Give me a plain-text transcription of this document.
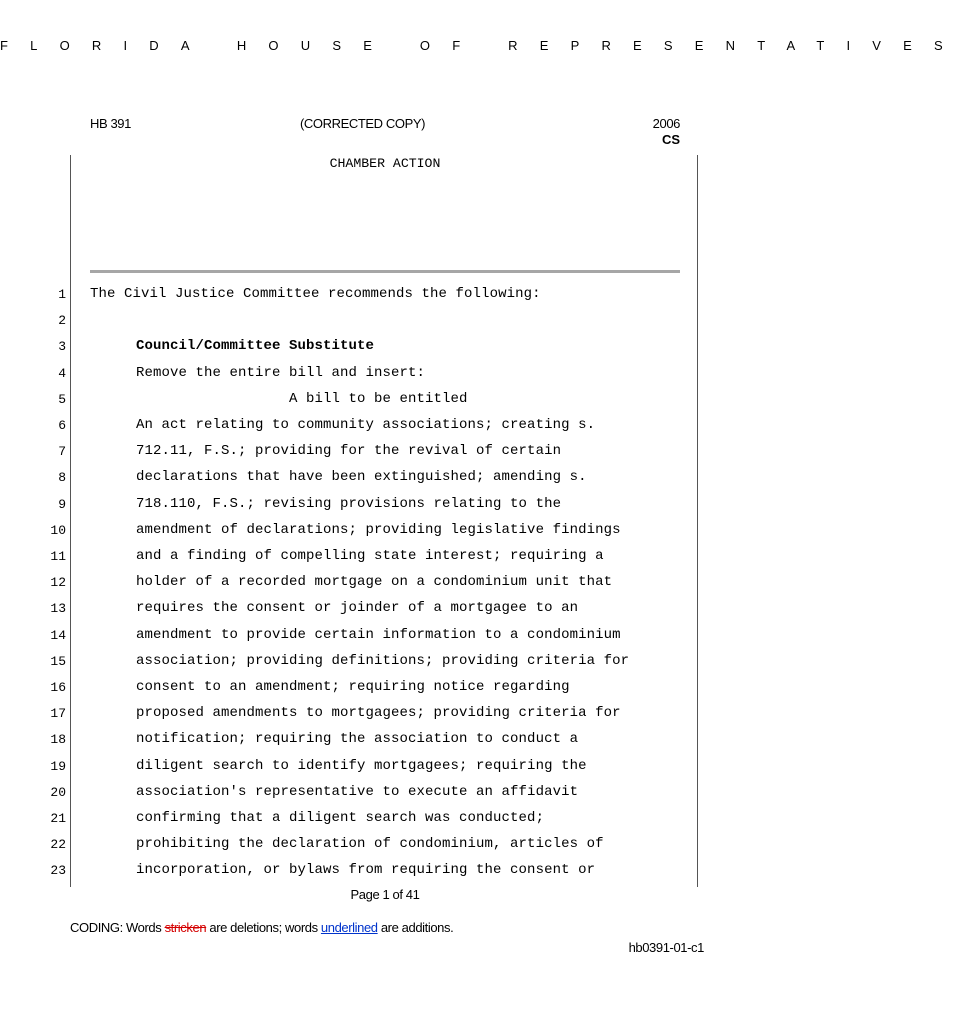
FLORIDA HOUSE OF REPRESENTATIVES
HB 391	(CORRECTED COPY)	2006
CS
CHAMBER ACTION
1 The Civil Justice Committee recommends the following:
2
3	Council/Committee Substitute
4	Remove the entire bill and insert:
5	A bill to be entitled
6	An act relating to community associations; creating s.
7	712.11, F.S.; providing for the revival of certain
8	declarations that have been extinguished; amending s.
9	718.110, F.S.; revising provisions relating to the
10	amendment of declarations; providing legislative findings
11	and a finding of compelling state interest; requiring a
12	holder of a recorded mortgage on a condominium unit that
13	requires the consent or joinder of a mortgagee to an
14	amendment to provide certain information to a condominium
15	association; providing definitions; providing criteria for
16	consent to an amendment; requiring notice regarding
17	proposed amendments to mortgagees; providing criteria for
18	notification; requiring the association to conduct a
19	diligent search to identify mortgagees; requiring the
20	association's representative to execute an affidavit
21	confirming that a diligent search was conducted;
22	prohibiting the declaration of condominium, articles of
23	incorporation, or bylaws from requiring the consent or
Page 1 of 41
CODING: Words stricken are deletions; words underlined are additions.
hb0391-01-c1
